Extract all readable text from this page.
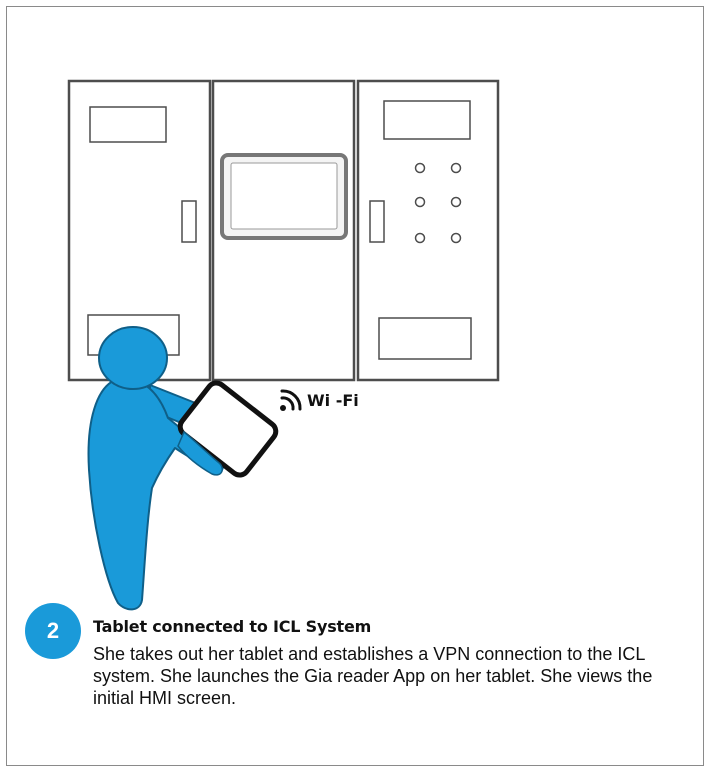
Wi -Fi
2	Tablet connected to ICL System
She takes out her tablet and establishes a VPN connection to the ICL system. She launches the Gia reader App on her tablet. She views the initial HMI screen.
